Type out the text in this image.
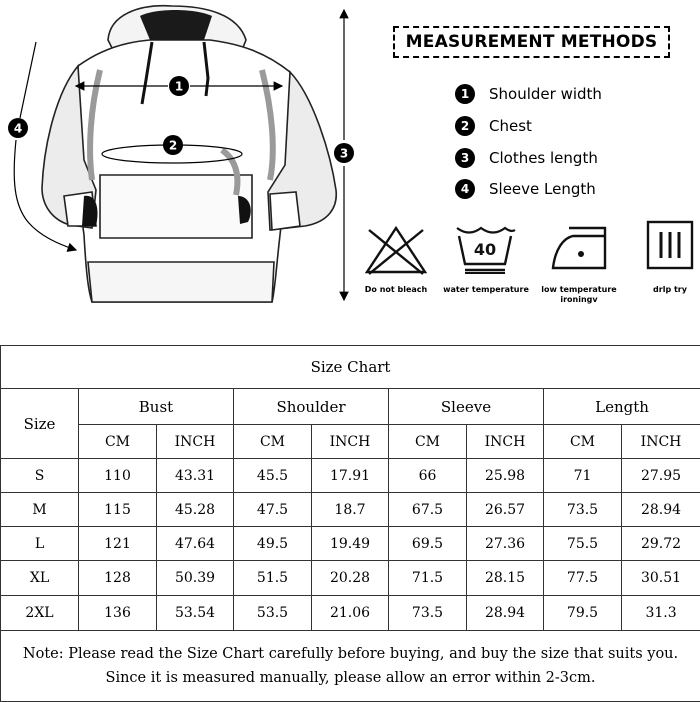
1
2
3
4
MEASUREMENT METHODS
1	Shoulder width
2	Chest
3	Clothes length
4	Sleeve Length
Do not bleach
40
water temperature	low temperature ironingv
drlp try
Size Chart								
Size	Bust		Shoulder		Sleeve		Length	
	CM	INCH	CM	INCH	CM	INCH	CM	INCH
S	110	43.31	45.5	17.91	66	25.98	71	27.95
M	115	45.28	47.5	18.7	67.5	26.57	73.5	28.94
L	121	47.64	49.5	19.49	69.5	27.36	75.5	29.72
XL	128	50.39	51.5	20.28	71.5	28.15	77.5	30.51
2XL	136	53.54	53.5	21.06	73.5	28.94	79.5	31.3

Note: Please read the Size Chart carefully before buying, and buy the size that suits you.
Since it is measured manually, please allow an error within 2-3cm.								
